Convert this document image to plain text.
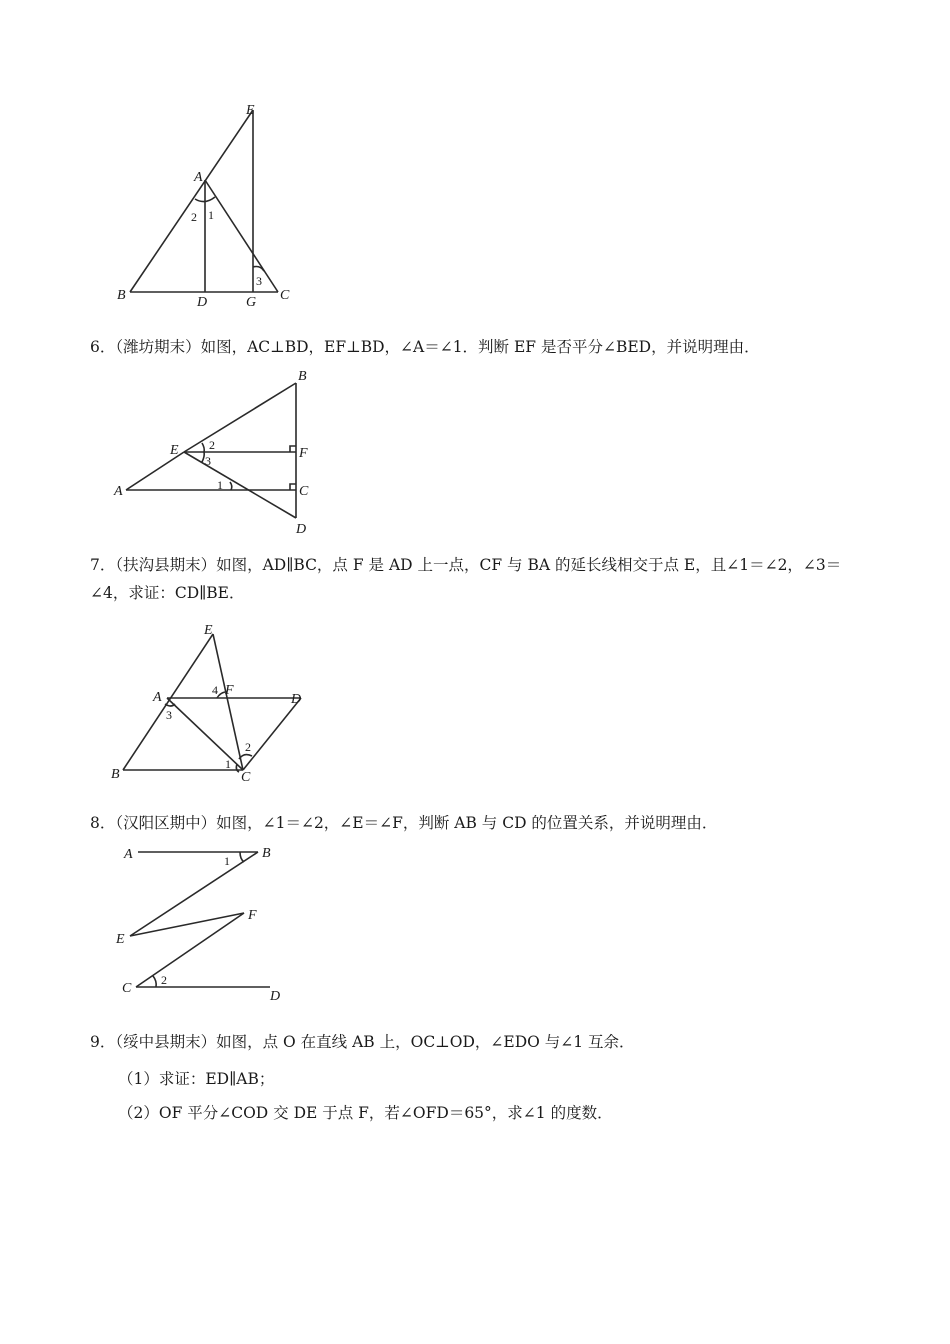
E
A
B	D	G C
1
2
3
6．（潍坊期末）如图，AC⊥BD，EF⊥BD，∠A＝∠1．判断 EF 是否平分∠BED，并说明理由．
B
E	F
A	C
D
1
2
3
7．（扶沟县期末）如图，AD∥BC，点 F 是 AD 上一点，CF 与 BA 的延长线相交于点 E，且∠1＝∠2，∠3＝∠4，求证：CD∥BE．
E
A	F
D
B	C
1
2
3
4
8．（汉阳区期中）如图，∠1＝∠2，∠E＝∠F，判断 AB 与 CD 的位置关系，并说明理由．
A	B
F
E
C
D
1
2
9．（绥中县期末）如图，点 O 在直线 AB 上，OC⊥OD，∠EDO 与∠1 互余．
（1）求证：ED∥AB；
（2）OF 平分∠COD 交 DE 于点 F，若∠OFD＝65°，求∠1 的度数．
